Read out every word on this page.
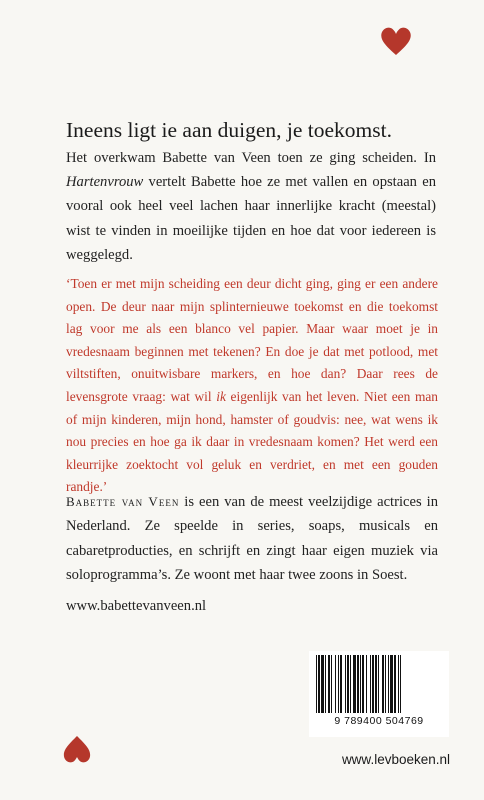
Ineens ligt ie aan duigen, je toekomst.
Het overkwam Babette van Veen toen ze ging scheiden. In Hartenvrouw vertelt Babette hoe ze met vallen en opstaan en vooral ook heel veel lachen haar innerlijke kracht (meestal) wist te vinden in moeilijke tijden en hoe dat voor iedereen is weggelegd.
‘Toen er met mijn scheiding een deur dicht ging, ging er een andere open. De deur naar mijn splinternieuwe toekomst en die toekomst lag voor me als een blanco vel papier. Maar waar moet je in vredesnaam beginnen met tekenen? En doe je dat met potlood, met viltstiften, onuitwisbare markers, en hoe dan? Daar rees de levensgrote vraag: wat wil ik eigenlijk van het leven. Niet een man of mijn kinderen, mijn hond, hamster of goudvis: nee, wat wens ik nou precies en hoe ga ik daar in vredesnaam komen? Het werd een kleurrijke zoektocht vol geluk en verdriet, en met een gouden randje.’
Babette van Veen is een van de meest veelzijdige actrices in Nederland. Ze speelde in series, soaps, musicals en cabaretproducties, en schrijft en zingt haar eigen muziek via soloprogramma’s. Ze woont met haar twee zoons in Soest.
www.babettevanveen.nl
9 789400 504769
www.levboeken.nl
